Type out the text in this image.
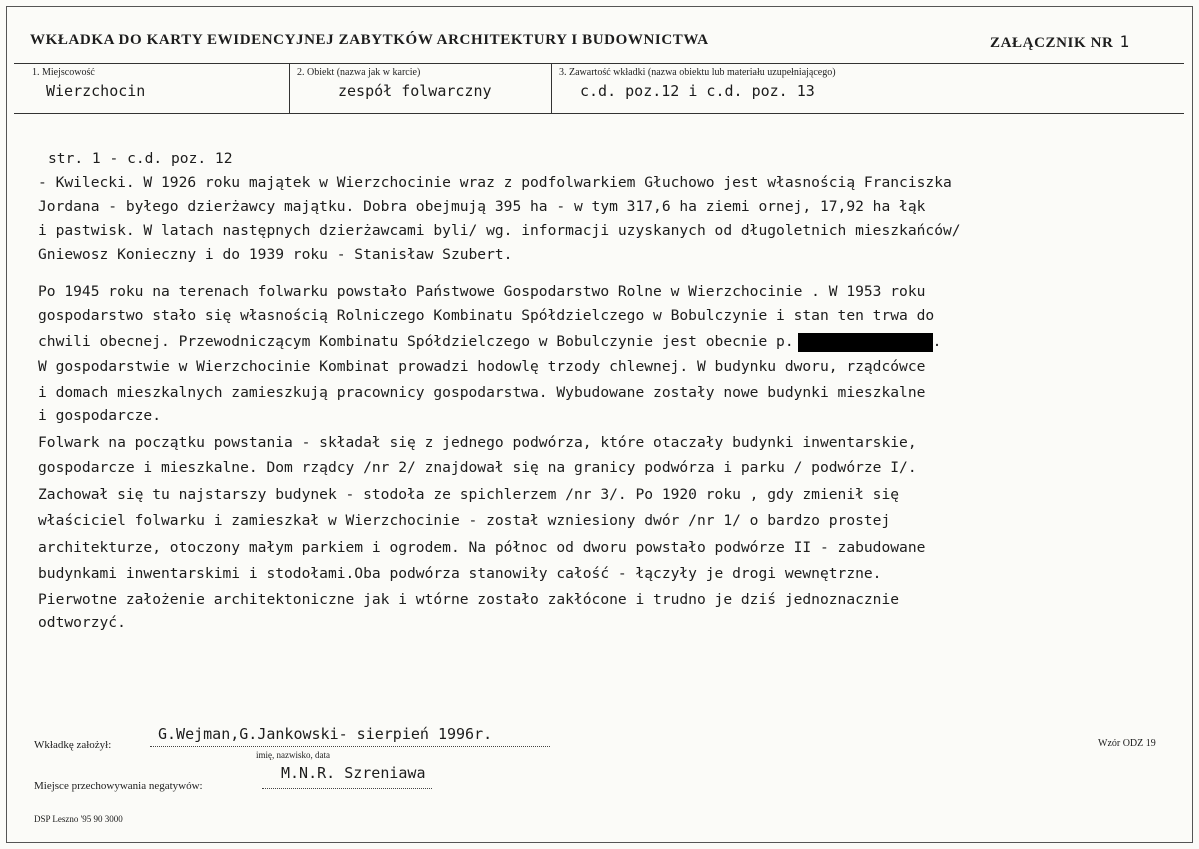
WKŁADKA DO KARTY EWIDENCYJNEJ ZABYTKÓW ARCHITEKTURY I BUDOWNICTWA	ZAŁĄCZNIK NR 1
1. Miejscowość
Wierzchocin
2. Obiekt (nazwa jak w karcie)
zespół folwarczny
3. Zawartość wkładki (nazwa obiektu lub materiału uzupełniającego)
c.d. poz.12 i c.d. poz. 13
str. 1 - c.d. poz. 12
- Kwilecki. W 1926 roku majątek w Wierzchocinie wraz z podfolwarkiem Głuchowo jest własnością Franciszka
Jordana - byłego dzierżawcy majątku. Dobra obejmują 395 ha - w tym 317,6 ha ziemi ornej, 17,92 ha łąk
i pastwisk. W latach następnych dzierżawcami byli/ wg. informacji uzyskanych od długoletnich mieszkańców/
Gniewosz Konieczny i do 1939 roku - Stanisław Szubert.
Po 1945 roku na terenach folwarku powstało Państwowe Gospodarstwo Rolne w Wierzchocinie . W 1953 roku
gospodarstwo stało się własnością Rolniczego Kombinatu Spółdzielczego w Bobulczynie i stan ten trwa do
chwili obecnej. Przewodniczącym Kombinatu Spółdzielczego w Bobulczynie jest obecnie p.	.
W gospodarstwie w Wierzchocinie Kombinat prowadzi hodowlę trzody chlewnej. W budynku dworu, rządcówce
i domach mieszkalnych zamieszkują pracownicy gospodarstwa. Wybudowane zostały nowe budynki mieszkalne
i gospodarcze.
Folwark na początku powstania - składał się z jednego podwórza, które otaczały budynki inwentarskie,
gospodarcze i mieszkalne. Dom rządcy /nr 2/ znajdował się na granicy podwórza i parku / podwórze I/.
Zachował się tu najstarszy budynek - stodoła ze spichlerzem /nr 3/. Po 1920 roku , gdy zmienił się
właściciel folwarku i zamieszkał w Wierzchocinie - został wzniesiony dwór /nr 1/ o bardzo prostej
architekturze, otoczony małym parkiem i ogrodem. Na północ od dworu powstało podwórze II - zabudowane
budynkami inwentarskimi i stodołami.Oba podwórza stanowiły całość - łączyły je drogi wewnętrzne.
Pierwotne założenie architektoniczne jak i wtórne zostało zakłócone i trudno je dziś jednoznacznie
odtworzyć.
Wkładkę założył:
G.Wejman,G.Jankowski- sierpień 1996r.
imię, nazwisko, data
Wzór ODZ 19
M.N.R. Szreniawa
Miejsce przechowywania negatywów:
DSP Leszno '95 90 3000
